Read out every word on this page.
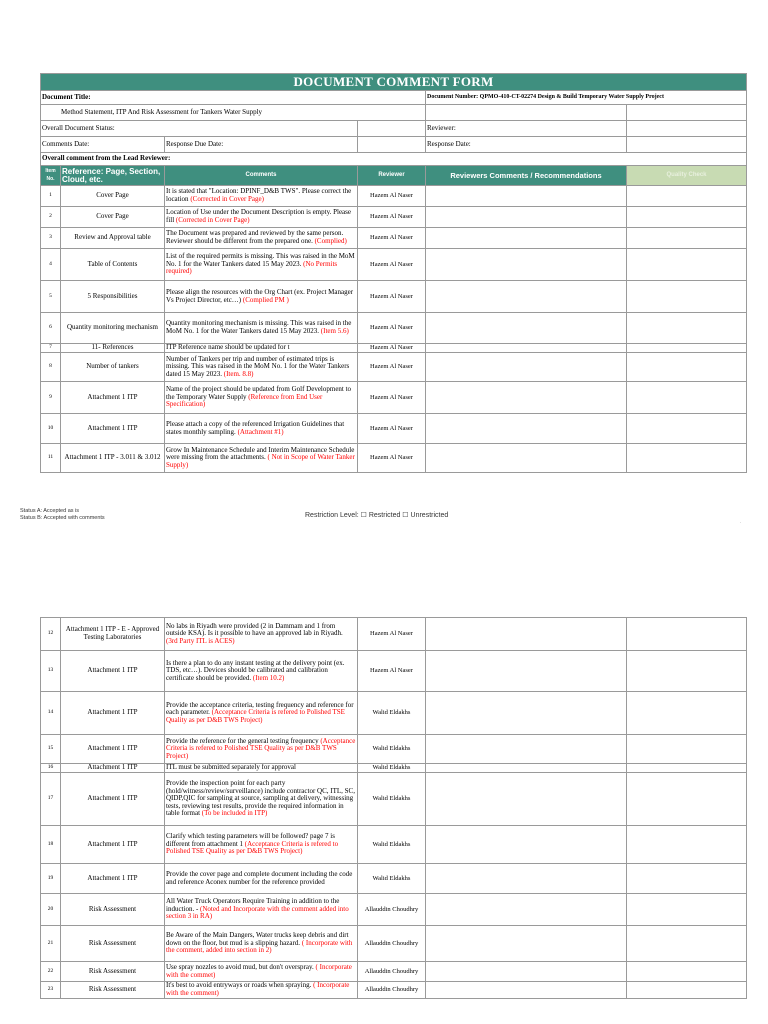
DOCUMENT COMMENT FORM					
Document Title:				Document Number: QPMO-410-CT-02274 Design & Build Temporary Water Supply Project	
Method Statement, ITP And Risk Assessment for Tankers Water Supply					
Overall Document Status:				Reviewer:	
Comments Date:		Response Due Date:		Response Date:	
Overall comment from the Lead Reviewer:					
Item No.	Reference: Page, Section, Cloud, etc.	Comments	Reviewer	Reviewers Comments / Recommendations	Quality Check
1	Cover Page	It is stated that "Location: DPINF_D&B TWS". Please correct the location (Corrected in Cover Page)	Hazem Al Naser		
2	Cover Page	Location of Use under the Document Description is empty. Please fill (Corrected in Cover Page)	Hazem Al Naser		
3	Review and Approval table	The Document was prepared and reviewed by the same person. Reviewer should be different from the prepared one. (Complied)	Hazem Al Naser		
4	Table of Contents	List of the required permits is missing. This was raised in the MoM No. 1 for the Water Tankers dated 15 May 2023. (No Permits required)	Hazem Al Naser		
5	5 Responsibilities	Please align the resources with the Org Chart (ex. Project Manager Vs Project Director, etc…) (Complied PM )	Hazem Al Naser		
6	Quantity monitoring mechanism	Quantity monitoring mechanism is missing. This was raised in the MoM No. 1 for the Water Tankers dated 15 May 2023. (Item 5.6)	Hazem Al Naser		
7	11- References	ITP Reference name should be updated for t	Hazem Al Naser		
8	Number of tankers	Number of Tankers per trip and number of estimated trips is missing. This was raised in the MoM No. 1 for the Water Tankers dated 15 May 2023. (Item. 8.8)	Hazem Al Naser		
9	Attachment 1 ITP	Name of the project should be updated from Golf Development to the Temporary Water Supply (Reference from End User Specification)	Hazem Al Naser		
10	Attachment 1 ITP	Please attach a copy of the referenced Irrigation Guidelines that states monthly sampling. (Attachment #1)	Hazem Al Naser		
11	Attachment 1 ITP - 3.011 & 3.012	Grow In Maintenance Schedule and Interim Maintenance Schedule were missing from the attachments. ( Not in Scope of Water Tanker Supply)	Hazem Al Naser		
Status A: Accepted as is
Status B: Accepted with comments	Restriction Level: ☐ Restricted ☐ Unrestricted
.
12	Attachment 1 ITP - E - Approved Testing Laboratories	No labs in Riyadh were provided (2 in Dammam and 1 from outside KSA). Is it possible to have an approved lab in Riyadh. (3rd Party ITL is ACES)	Hazem Al Naser		
13	Attachment 1 ITP	Is there a plan to do any instant testing at the delivery point (ex. TDS, etc…). Devices should be calibrated and calibration certificate should be provided. (Item 10.2)	Hazem Al Naser		
14	Attachment 1 ITP	Provide the acceptance criteria, testing frequency and reference for each parameter. (Acceptance Criteria is refered to Polished TSE Quality as per D&B TWS Project)	Walid Eldakhs		
15	Attachment 1 ITP	Provide the reference for the general testing frequency (Acceptance Criteria is refered to Polished TSE Quality as per D&B TWS Project)	Walid Eldakhs		
16	Attachment 1 ITP	ITL must be submitted separately for approval	Walid Eldakhs		
17	Attachment 1 ITP	Provide the inspection point for each party (hold/witness/review/surveillance) include contractor QC, ITL, SC, QIDP,QIC for sampling at source, sampling at delivery, witnessing tests, reviewing test results, provide the required information in table format (To be included in ITP)	Walid Eldakhs		
18	Attachment 1 ITP	Clarify which testing parameters will be followed? page 7 is different from attachment 1 (Acceptance Criteria is refered to Polished TSE Quality as per D&B TWS Project)	Walid Eldakhs		
19	Attachment 1 ITP	Provide the cover page and complete document including the code and reference Aconex number for the reference provided	Walid Eldakhs		
20	Risk Assessment	All Water Truck Operators Require Training in addition to the induction. - (Noted and Incorporate with the comment added into section 3 in RA)	Allauddin Choudhry		
21	Risk Assessment	Be Aware of the Main Dangers, Water trucks keep debris and dirt down on the floor, but mud is a slipping hazard. ( Incorporate with the comment, added into section in 2)	Allauddin Choudhry		
22	Risk Assessment	Use spray nozzles to avoid mud, but don't overspray. ( Incorporate with the commet)	Allauddin Choudhry		
23	Risk Assessment	It's best to avoid entryways or roads when spraying. ( Incorporate with the comment)	Allauddin Choudhry		
